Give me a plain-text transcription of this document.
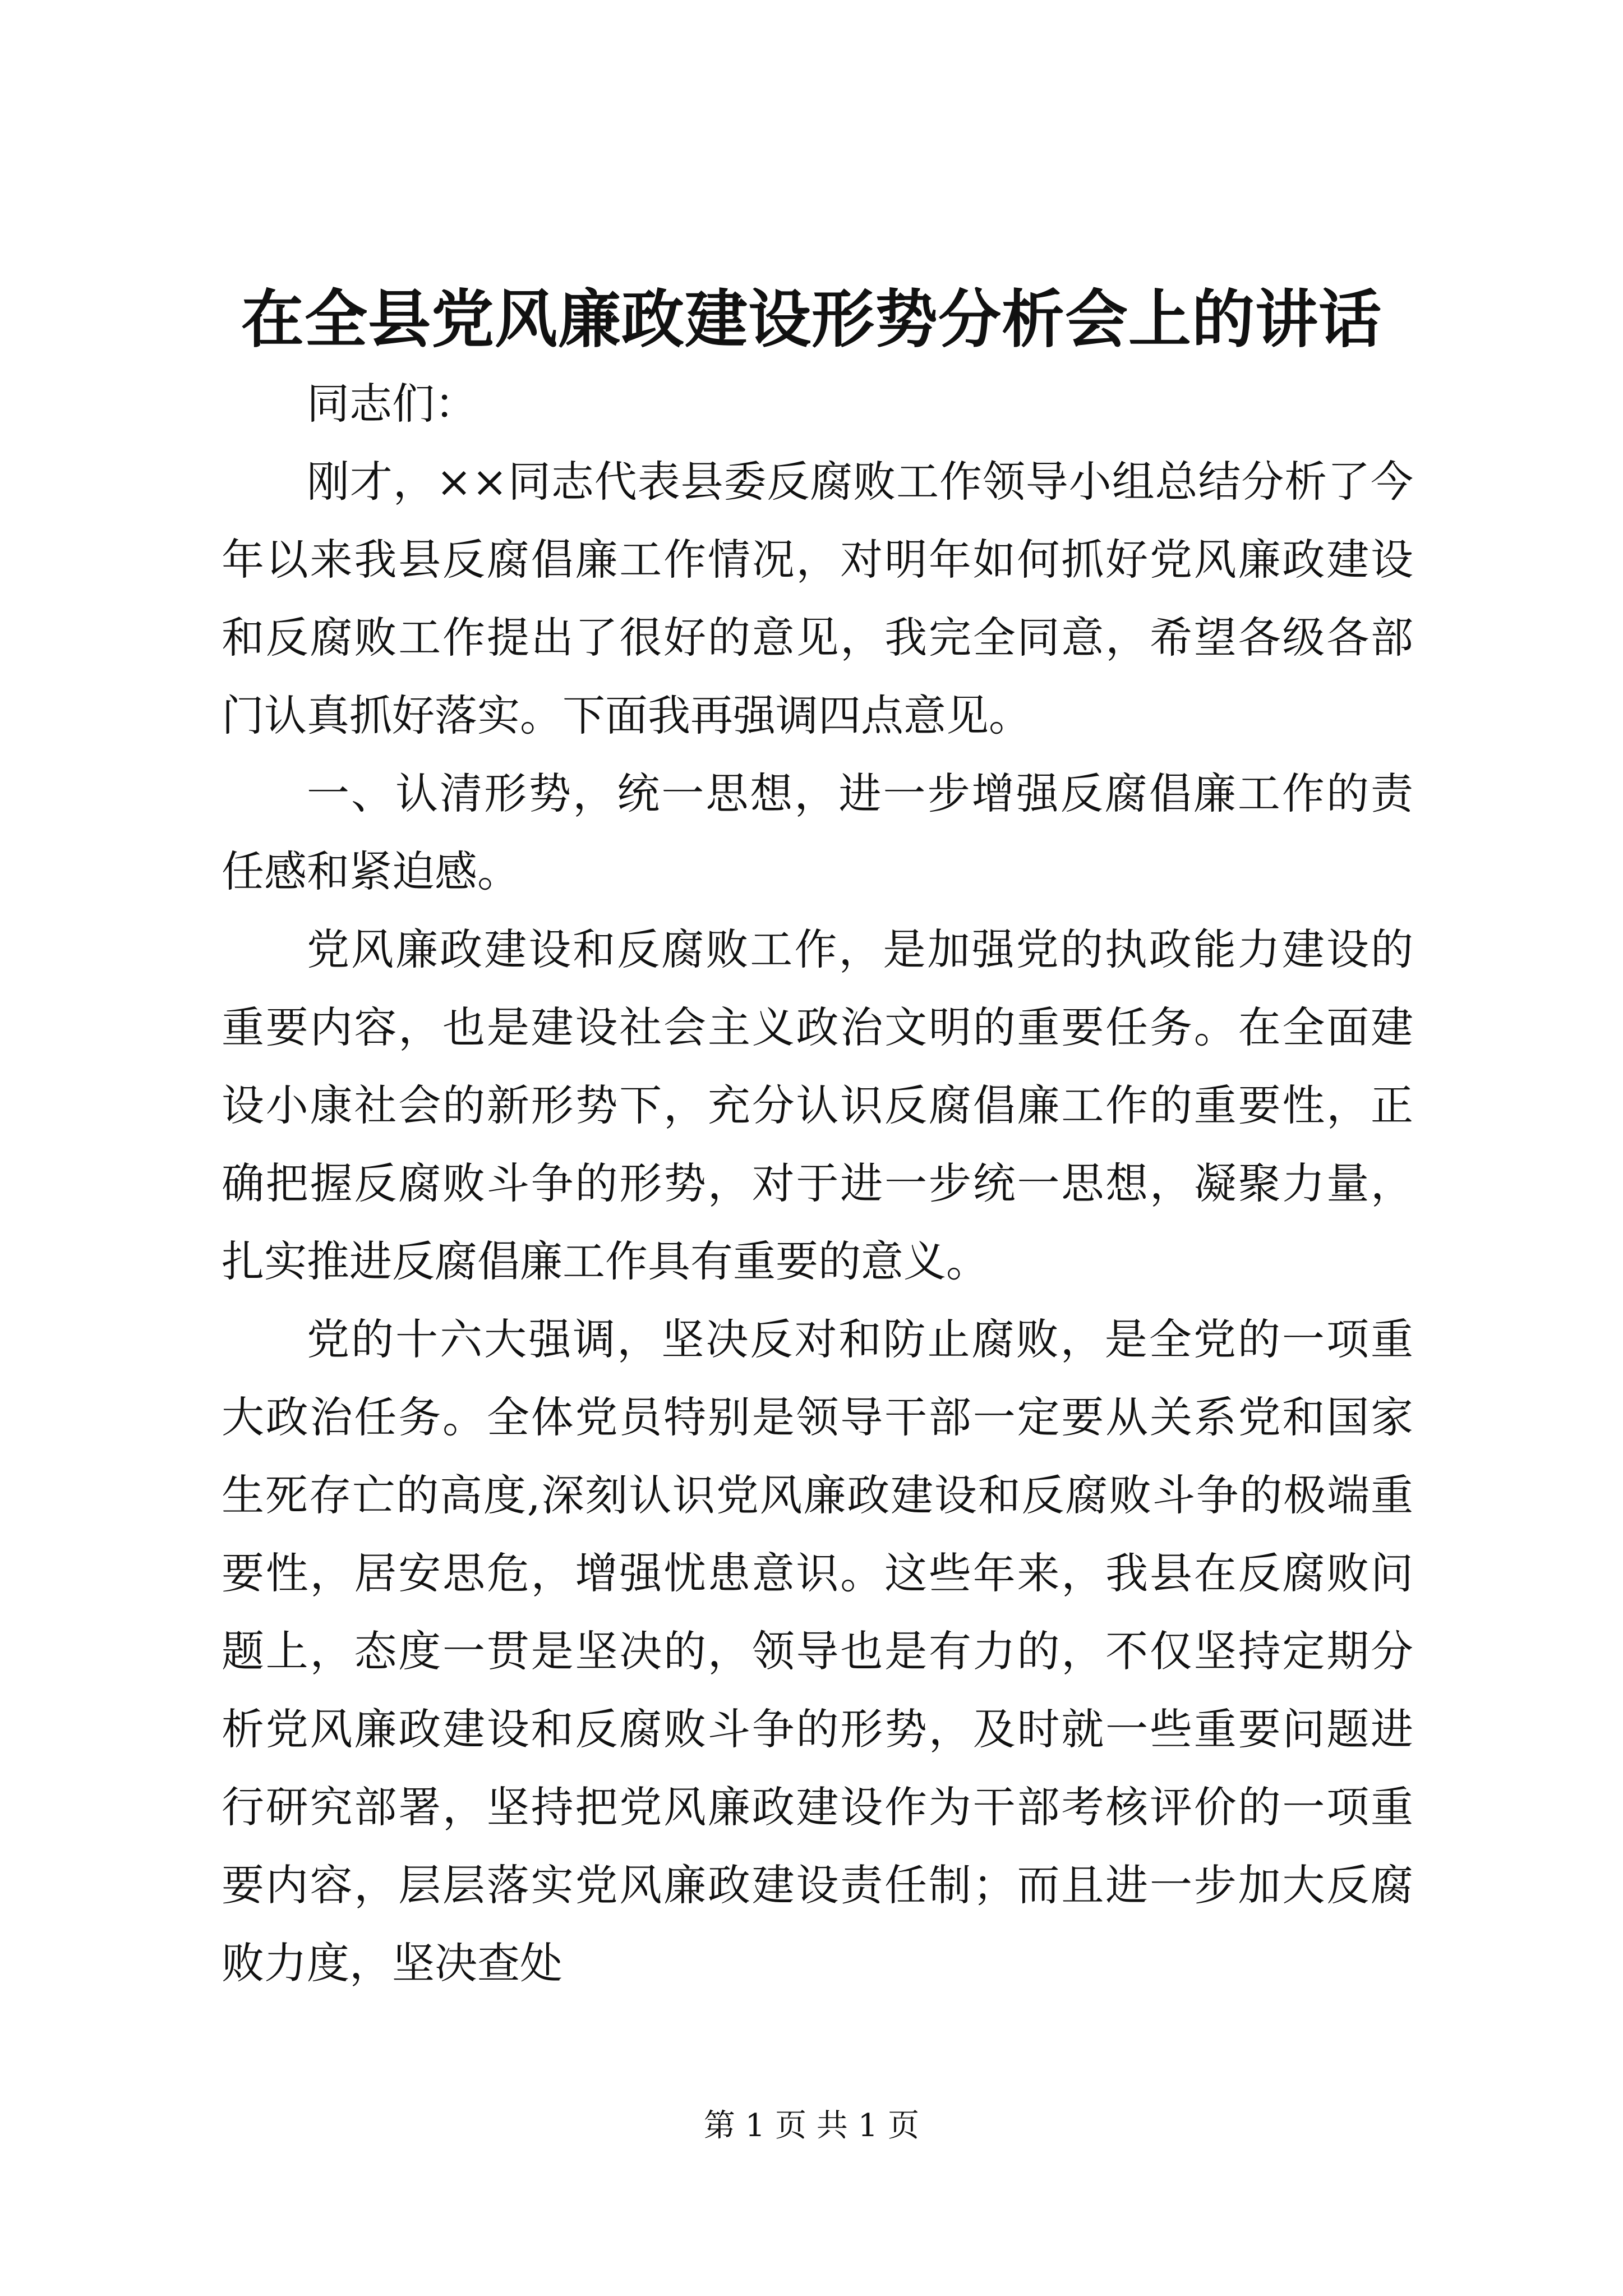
在全县党风廉政建设形势分析会上的讲话

同志们：

刚才，××同志代表县委反腐败工作领导小组总结分析了今年以来我县反腐倡廉工作情况，对明年如何抓好党风廉政建设和反腐败工作提出了很好的意见，我完全同意，希望各级各部门认真抓好落实。下面我再强调四点意见。

一、认清形势，统一思想，进一步增强反腐倡廉工作的责任感和紧迫感。

党风廉政建设和反腐败工作，是加强党的执政能力建设的重要内容，也是建设社会主义政治文明的重要任务。在全面建设小康社会的新形势下，充分认识反腐倡廉工作的重要性，正确把握反腐败斗争的形势，对于进一步统一思想，凝聚力量，扎实推进反腐倡廉工作具有重要的意义。

党的十六大强调，坚决反对和防止腐败，是全党的一项重大政治任务。全体党员特别是领导干部一定要从关系党和国家生死存亡的高度,深刻认识党风廉政建设和反腐败斗争的极端重要性，居安思危，增强忧患意识。这些年来，我县在反腐败问题上，态度一贯是坚决的，领导也是有力的，不仅坚持定期分析党风廉政建设和反腐败斗争的形势，及时就一些重要问题进行研究部署，坚持把党风廉政建设作为干部考核评价的一项重要内容，层层落实党风廉政建设责任制；而且进一步加大反腐败力度，坚决查处

第 1 页 共 1 页
